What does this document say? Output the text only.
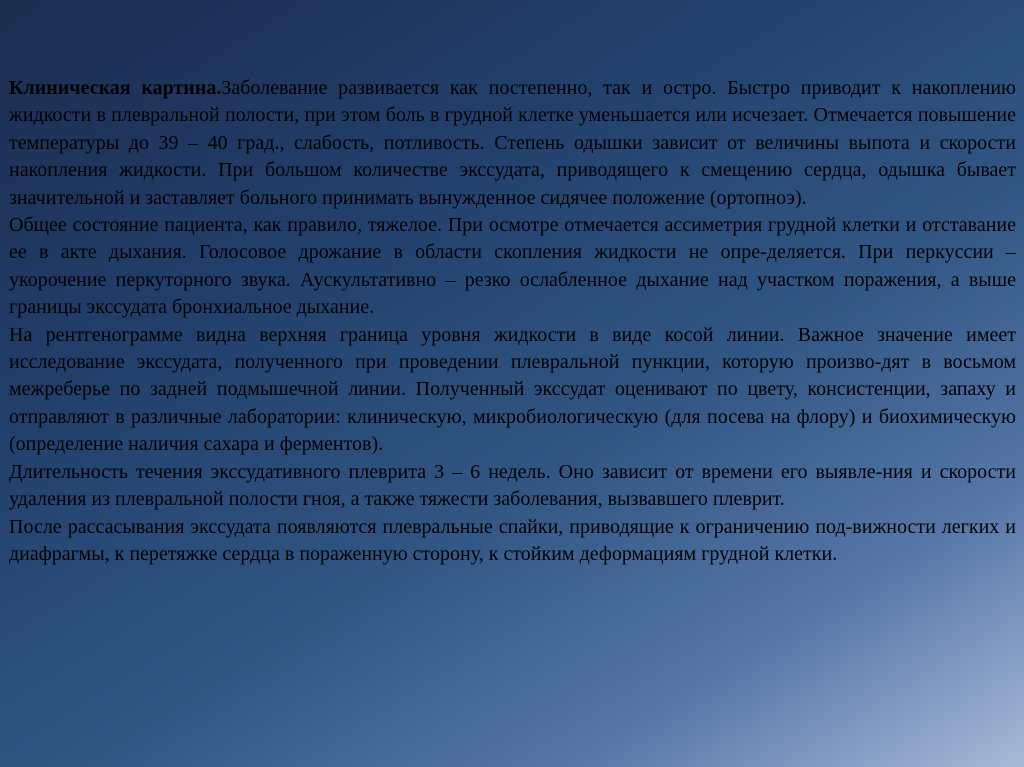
Клиническая картина.Заболевание развивается как постепенно, так и остро. Быстро приводит к накоплению жидкости в плевральной полости, при этом боль в грудной клетке уменьшается или исчезает. Отмечается повышение температуры до 39 – 40 град., слабость, потливость. Степень одышки зависит от величины выпота и скорости накопления жидкости. При большом количестве экссудата, приводящего к смещению сердца, одышка бывает значительной и заставляет больного принимать вынужденное сидячее положение (ортопноэ).

Общее состояние пациента, как правило, тяжелое. При осмотре отмечается ассиметрия грудной клетки и отставание ее в акте дыхания. Голосовое дрожание в области скопления жидкости не опре-деляется. При перкуссии – укорочение перкуторного звука. Аускультативно – резко ослабленное дыхание над участком поражения, а выше границы экссудата бронхиальное дыхание.

На рентгенограмме видна верхняя граница уровня жидкости в виде косой линии. Важное значение имеет исследование экссудата, полученного при проведении плевральной пункции, которую произво-дят в восьмом межреберье по задней подмышечной линии. Полученный экссудат оценивают по цвету, консистенции, запаху и отправляют в различные лаборатории: клиническую, микробиологическую (для посева на флору) и биохимическую (определение наличия сахара и ферментов).

Длительность течения экссудативного плеврита 3 – 6 недель. Оно зависит от времени его выявле-ния и скорости удаления из плевральной полости гноя, а также тяжести заболевания, вызвавшего плеврит.

После рассасывания экссудата появляются плевральные спайки, приводящие к ограничению под-вижности легких и диафрагмы, к перетяжке сердца в пораженную сторону, к стойким деформациям грудной клетки.
